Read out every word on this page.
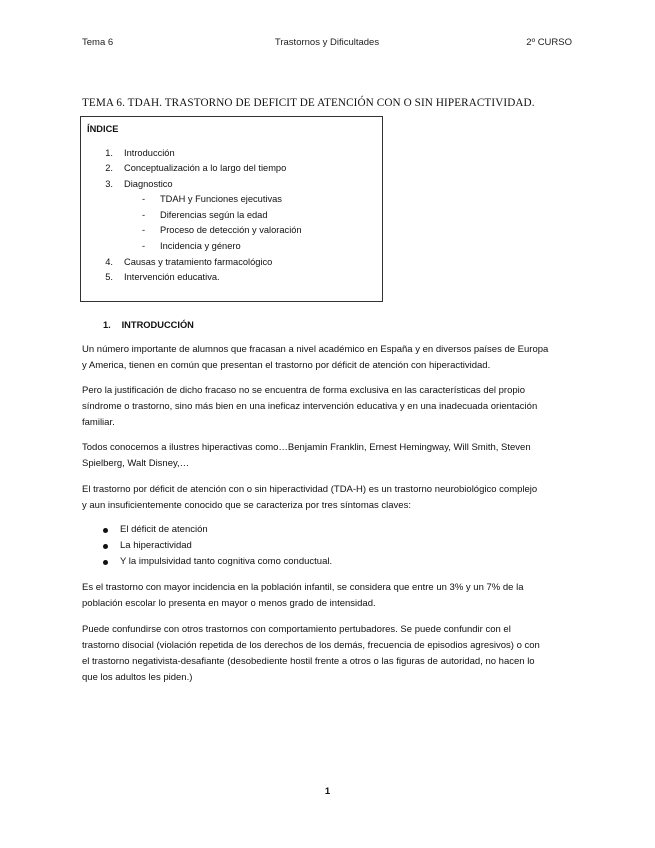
Tema 6	Trastornos y Dificultades	2º CURSO
TEMA 6. TDAH. TRASTORNO DE DEFICIT DE ATENCIÓN CON O SIN HIPERACTIVIDAD.
ÍNDICE
1. Introducción
2. Conceptualización a lo largo del tiempo
3. Diagnostico
- TDAH y Funciones ejecutivas
- Diferencias según la edad
- Proceso de detección y valoración
- Incidencia y género
4. Causas y tratamiento farmacológico
5. Intervención educativa.
1. INTRODUCCIÓN
Un número importante de alumnos que fracasan a nivel académico en España y en diversos países de Europa
y America, tienen en común que presentan el trastorno por déficit de atención con hiperactividad.
Pero la justificación de dicho fracaso no se encuentra de forma exclusiva en las características del propio
síndrome o trastorno, sino más bien en una ineficaz intervención educativa y en una inadecuada orientación
familiar.
Todos conocemos a ilustres hiperactivas como…Benjamin Franklin, Ernest Hemingway, Will Smith, Steven
Spielberg, Walt Disney,…
El trastorno por déficit de atención con o sin hiperactividad (TDA-H) es un trastorno neurobiológico complejo
y aun insuficientemente conocido que se caracteriza por tres síntomas claves:
El déficit de atención
La hiperactividad
Y la impulsividad tanto cognitiva como conductual.
Es el trastorno con mayor incidencia en la población infantil, se considera que entre un 3% y un 7% de la
población escolar lo presenta en mayor o menos grado de intensidad.
Puede confundirse con otros trastornos con comportamiento pertubadores. Se puede confundir con el
trastorno disocial (violación repetida de los derechos de los demás, frecuencia de episodios agresivos) o con
el trastorno negativista-desafiante (desobediente hostil frente a otros o las figuras de autoridad, no hacen lo
que los adultos les piden.)
1
